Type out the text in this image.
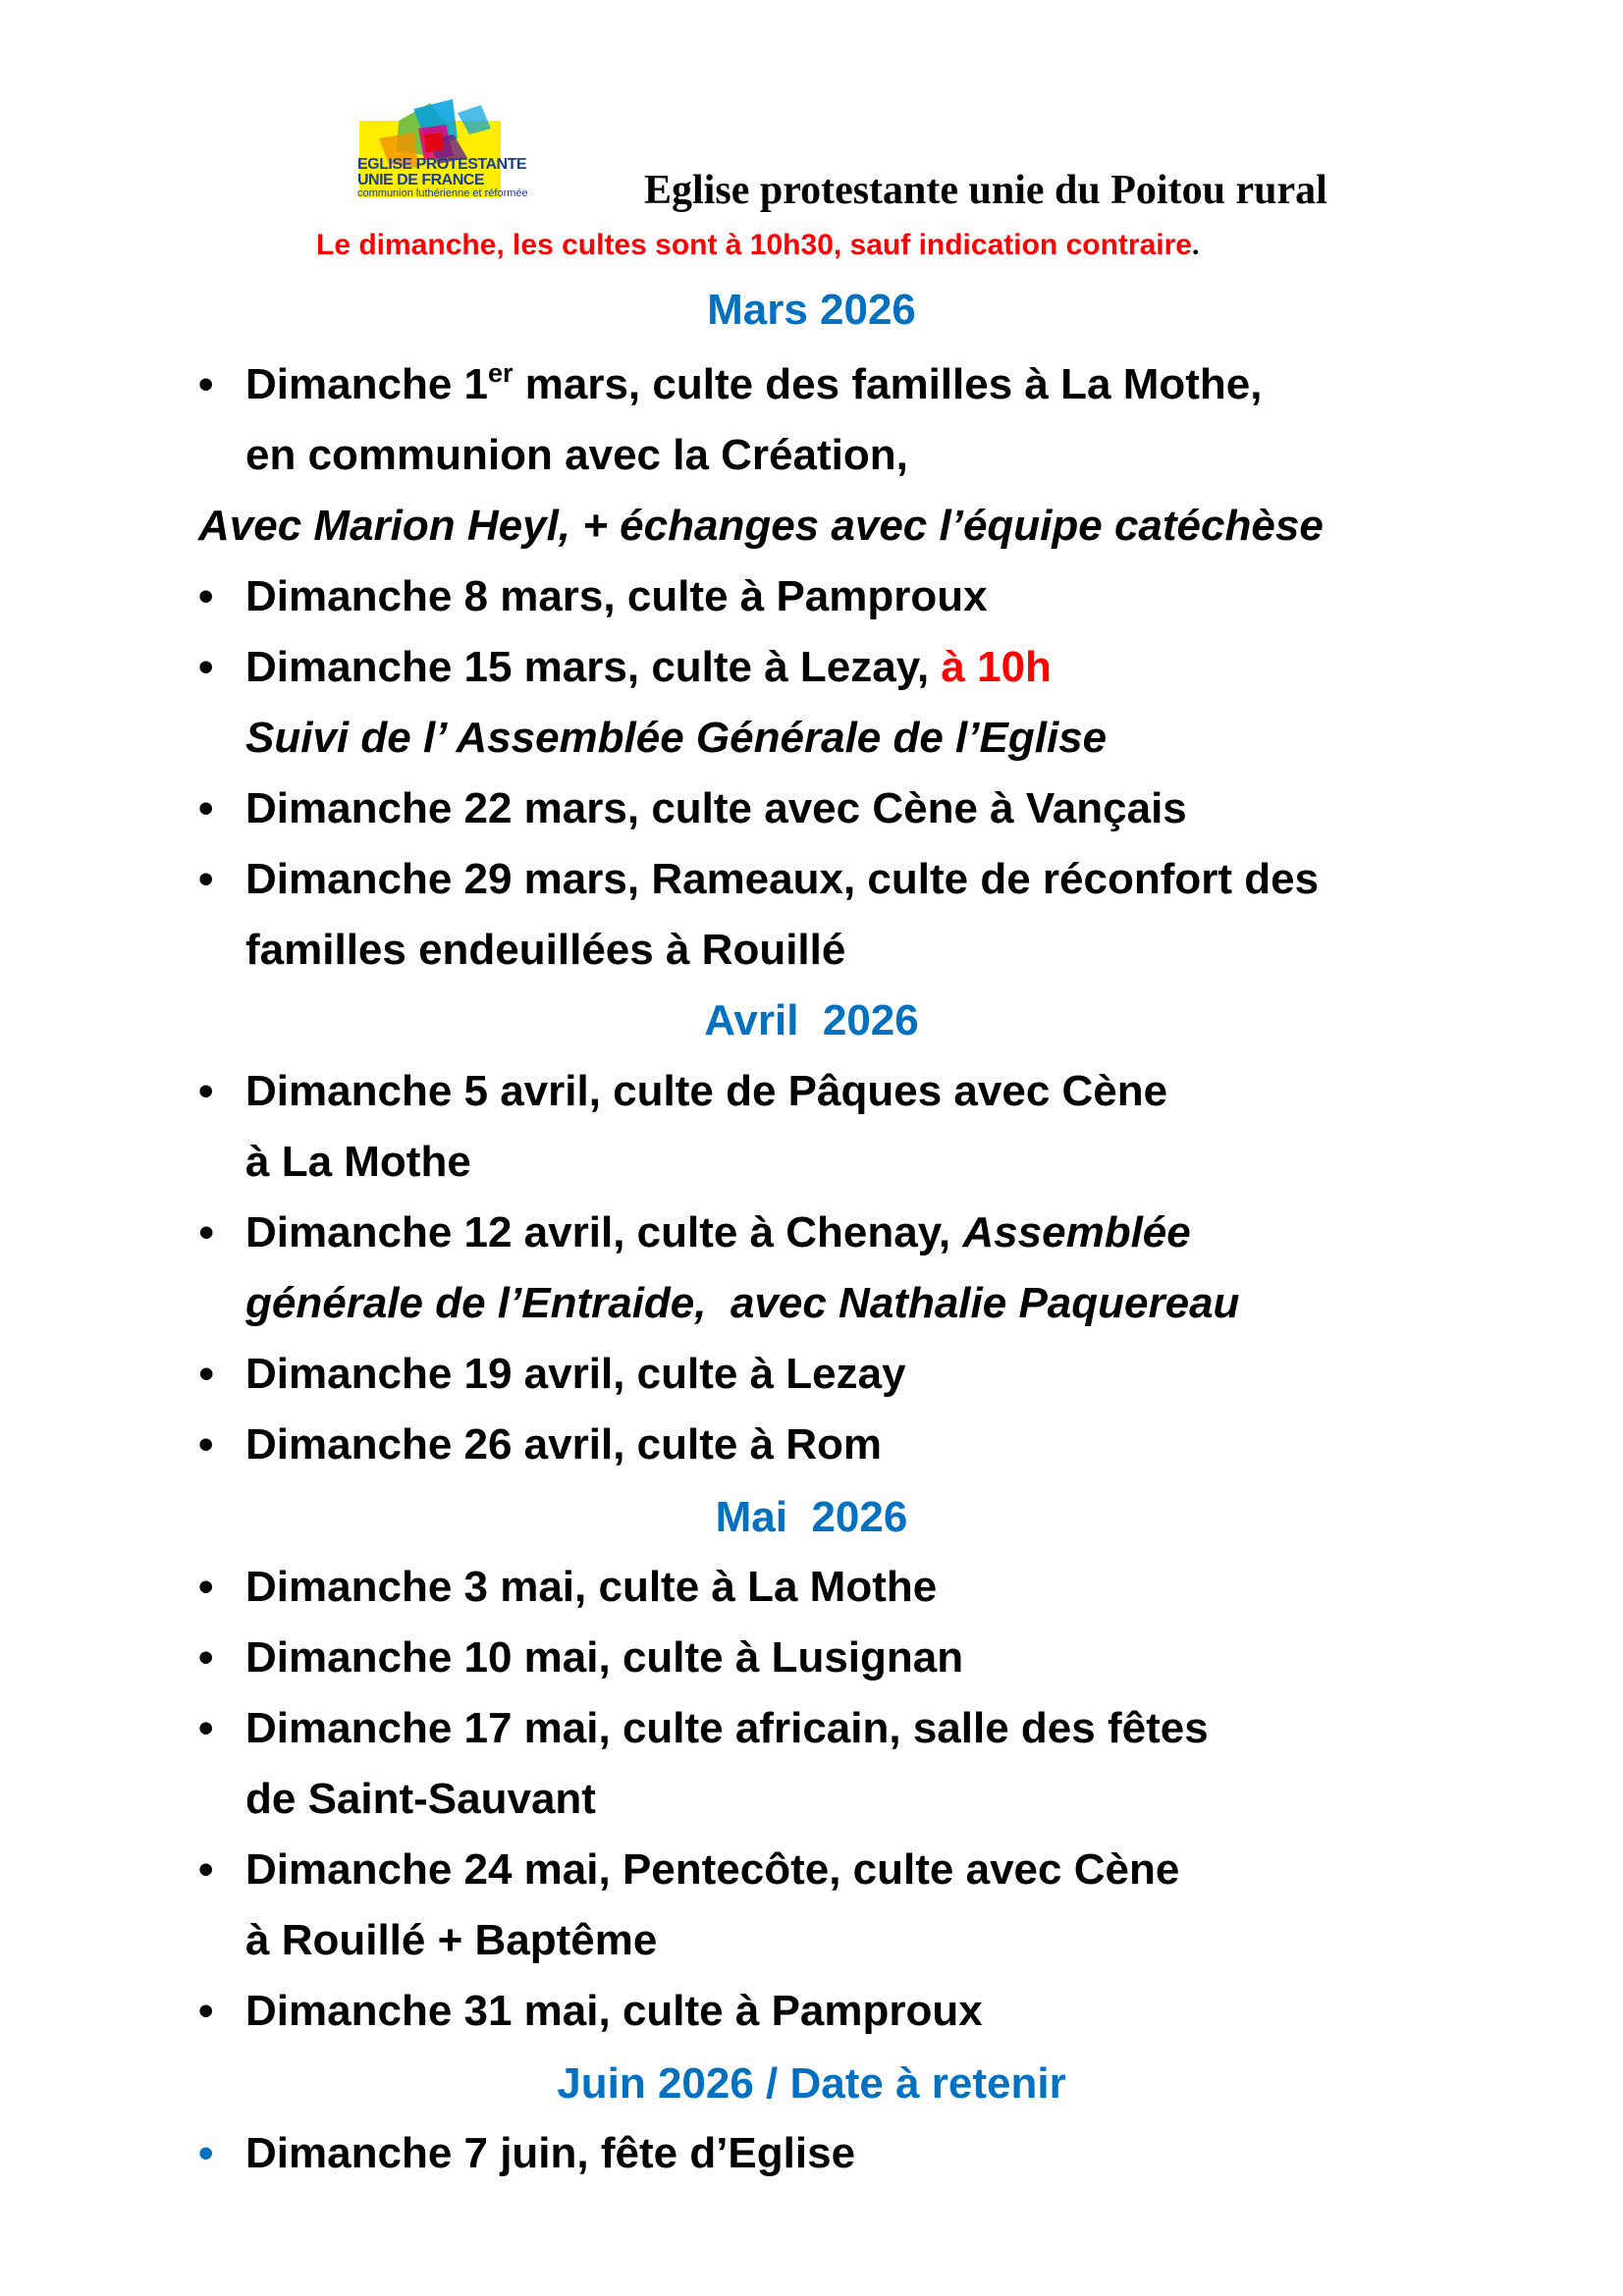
EGLISE PROTESTANTE
UNIE DE FRANCE
communion luthérienne et réformée	Eglise protestante unie du Poitou rural
Le dimanche, les cultes sont à 10h30, sauf indication contraire.
Mars 2026
• Dimanche 1er mars, culte des familles à La Mothe,
en communion avec la Création,
Avec Marion Heyl, + échanges avec l’équipe catéchèse
• Dimanche 8 mars, culte à Pamproux
• Dimanche 15 mars, culte à Lezay, à 10h
Suivi de l’ Assemblée Générale de l’Eglise
• Dimanche 22 mars, culte avec Cène à Vançais
• Dimanche 29 mars, Rameaux, culte de réconfort des
familles endeuillées à Rouillé
Avril  2026
• Dimanche 5 avril, culte de Pâques avec Cène
à La Mothe
• Dimanche 12 avril, culte à Chenay, Assemblée
générale de l’Entraide,  avec Nathalie Paquereau
• Dimanche 19 avril, culte à Lezay
• Dimanche 26 avril, culte à Rom
Mai  2026
• Dimanche 3 mai, culte à La Mothe
• Dimanche 10 mai, culte à Lusignan
• Dimanche 17 mai, culte africain, salle des fêtes
de Saint-Sauvant
• Dimanche 24 mai, Pentecôte, culte avec Cène
à Rouillé + Baptême
• Dimanche 31 mai, culte à Pamproux
Juin 2026 / Date à retenir
• Dimanche 7 juin, fête d’Eglise
